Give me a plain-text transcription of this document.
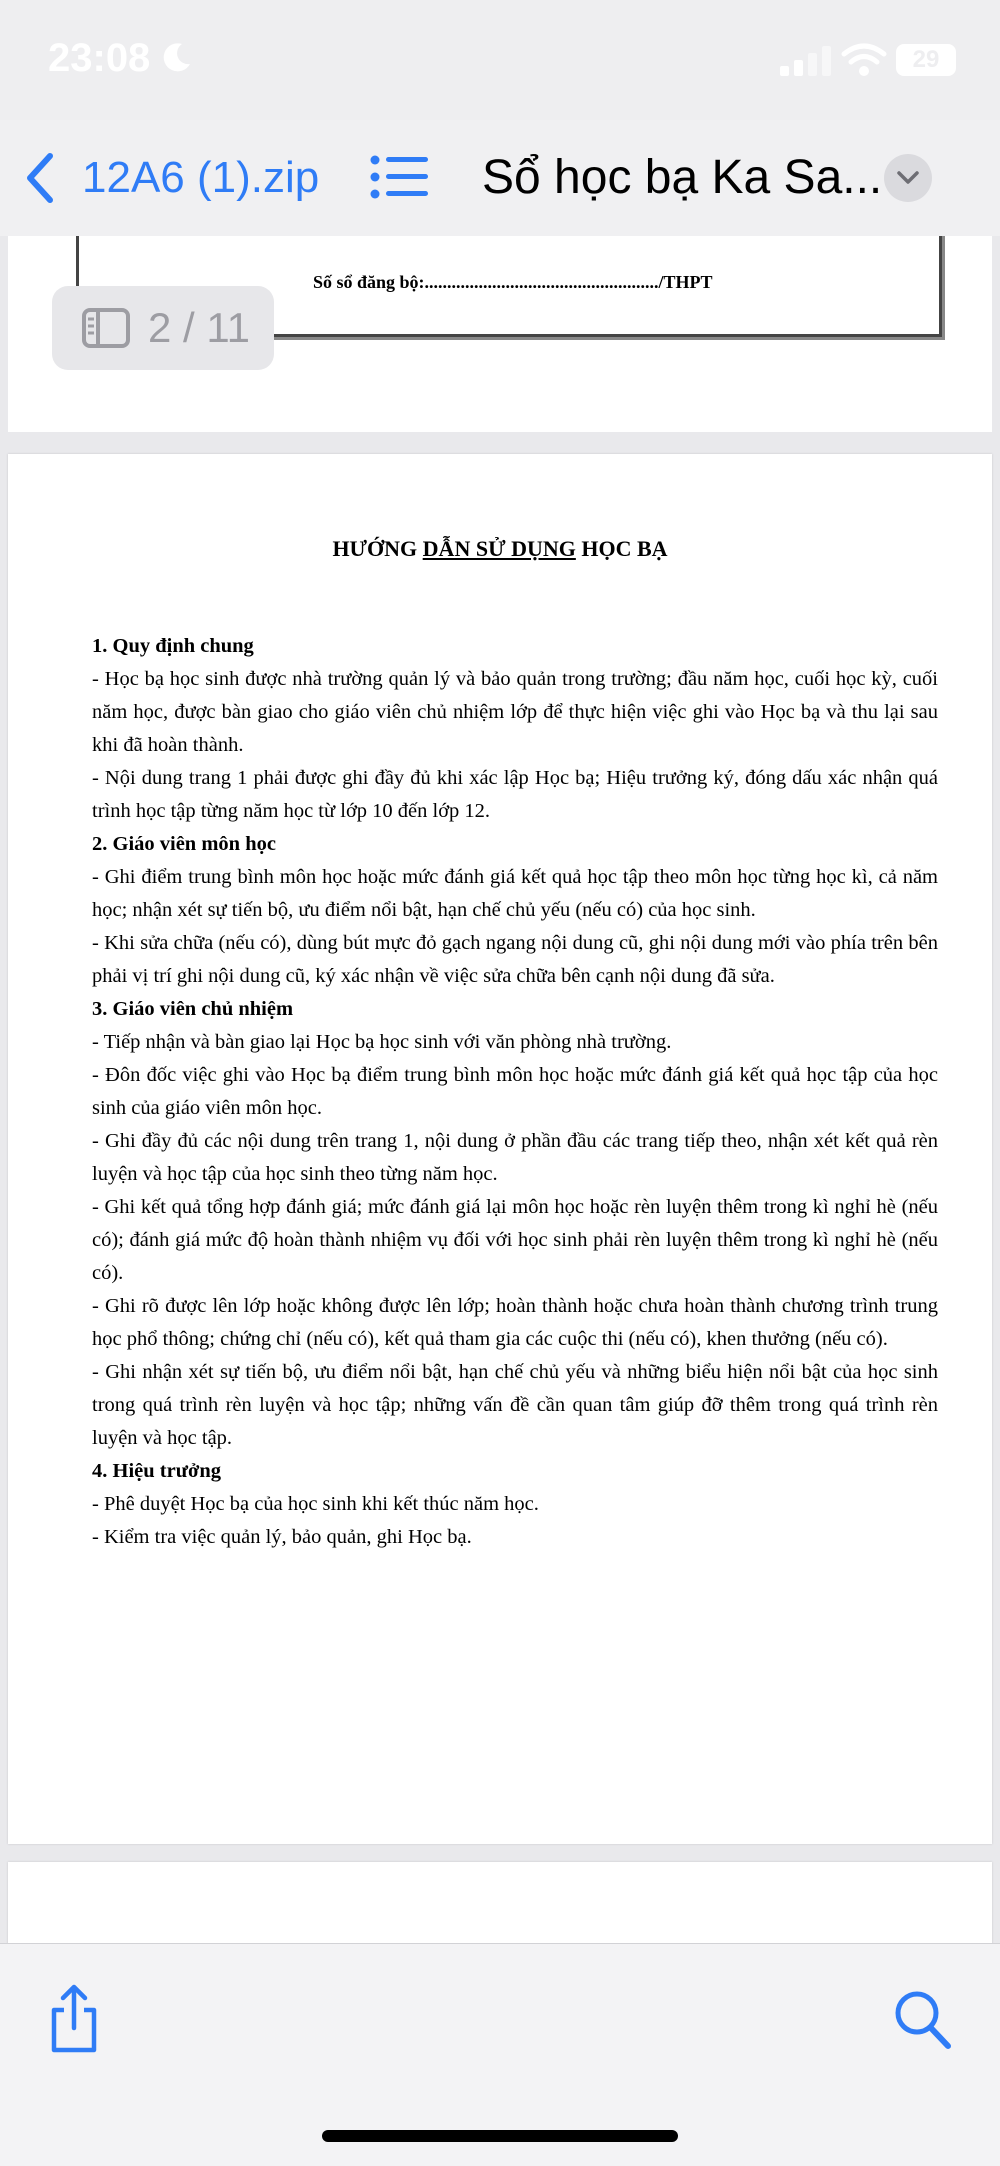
23:08	29
12A6 (1).zip	Sổ học bạ Ka Sa...
Số sổ đăng bộ:..................................................../THPT
2 / 11
HƯỚNG DẪN SỬ DỤNG HỌC BẠ
1. Quy định chung
- Học bạ học sinh được nhà trường quản lý và bảo quản trong trường; đầu năm học, cuối học kỳ, cuối năm học, được bàn giao cho giáo viên chủ nhiệm lớp để thực hiện việc ghi vào Học bạ và thu lại sau khi đã hoàn thành.
- Nội dung trang 1 phải được ghi đầy đủ khi xác lập Học bạ; Hiệu trưởng ký, đóng dấu xác nhận quá trình học tập từng năm học từ lớp 10 đến lớp 12.
2. Giáo viên môn học
- Ghi điểm trung bình môn học hoặc mức đánh giá kết quả học tập theo môn học từng học kì, cả năm học; nhận xét sự tiến bộ, ưu điểm nổi bật, hạn chế chủ yếu (nếu có) của học sinh.
- Khi sửa chữa (nếu có), dùng bút mực đỏ gạch ngang nội dung cũ, ghi nội dung mới vào phía trên bên phải vị trí ghi nội dung cũ, ký xác nhận về việc sửa chữa bên cạnh nội dung đã sửa.
3. Giáo viên chủ nhiệm
- Tiếp nhận và bàn giao lại Học bạ học sinh với văn phòng nhà trường.
- Đôn đốc việc ghi vào Học bạ điểm trung bình môn học hoặc mức đánh giá kết quả học tập của học sinh của giáo viên môn học.
- Ghi đầy đủ các nội dung trên trang 1, nội dung ở phần đầu các trang tiếp theo, nhận xét kết quả rèn luyện và học tập của học sinh theo từng năm học.
- Ghi kết quả tổng hợp đánh giá; mức đánh giá lại môn học hoặc rèn luyện thêm trong kì nghỉ hè (nếu có); đánh giá mức độ hoàn thành nhiệm vụ đối với học sinh phải rèn luyện thêm trong kì nghỉ hè (nếu có).
- Ghi rõ được lên lớp hoặc không được lên lớp; hoàn thành hoặc chưa hoàn thành chương trình trung học phổ thông; chứng chỉ (nếu có), kết quả tham gia các cuộc thi (nếu có), khen thưởng (nếu có).
- Ghi nhận xét sự tiến bộ, ưu điểm nổi bật, hạn chế chủ yếu và những biểu hiện nổi bật của học sinh trong quá trình rèn luyện và học tập; những vấn đề cần quan tâm giúp đỡ thêm trong quá trình rèn luyện và học tập.
4. Hiệu trưởng
- Phê duyệt Học bạ của học sinh khi kết thúc năm học.
- Kiểm tra việc quản lý, bảo quản, ghi Học bạ.
